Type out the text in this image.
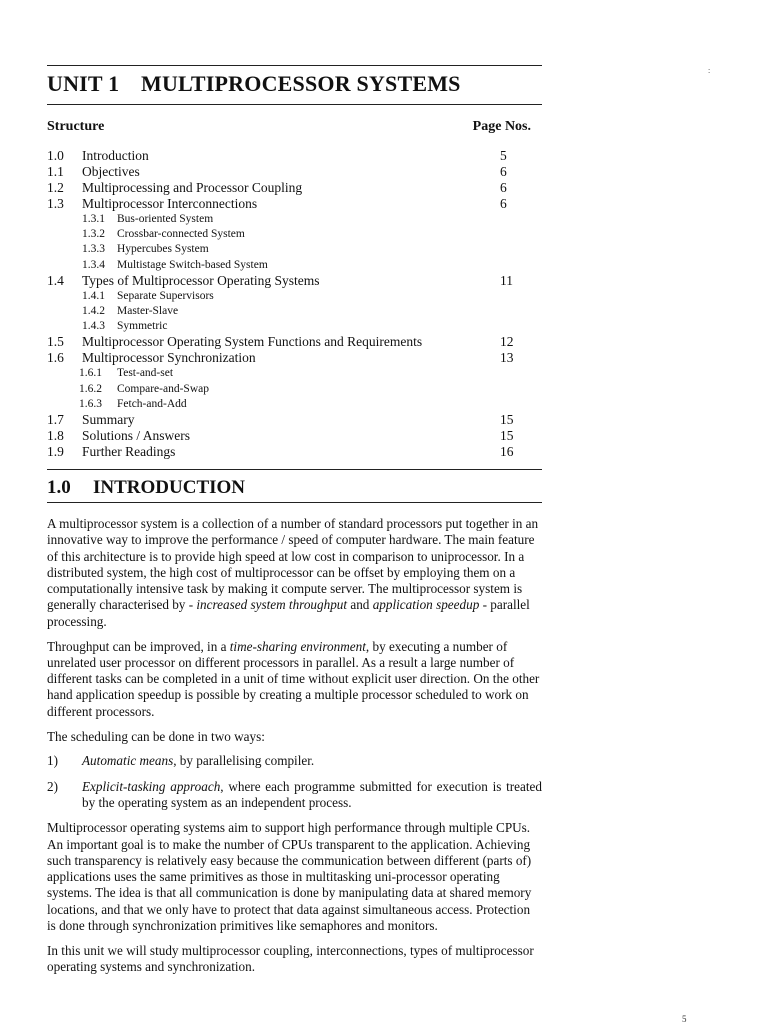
UNIT 1 MULTIPROCESSOR SYSTEMS
Structure	Page Nos.
1.0 Introduction	5
1.1 Objectives	6
1.2 Multiprocessing and Processor Coupling	6
1.3 Multiprocessor Interconnections	6
1.3.1 Bus-oriented System
1.3.2 Crossbar-connected System
1.3.3 Hypercubes System
1.3.4 Multistage Switch-based System
1.4 Types of Multiprocessor Operating Systems	11
1.4.1 Separate Supervisors
1.4.2 Master-Slave
1.4.3 Symmetric
1.5 Multiprocessor Operating System Functions and Requirements	12
1.6 Multiprocessor Synchronization	13
1.6.1 Test-and-set
1.6.2 Compare-and-Swap
1.6.3 Fetch-and-Add
1.7 Summary	15
1.8 Solutions / Answers	15
1.9 Further Readings	16
1.0 INTRODUCTION

A multiprocessor system is a collection of a number of standard processors put together in an innovative way to improve the performance / speed of computer hardware. The main feature of this architecture is to provide high speed at low cost in comparison to uniprocessor. In a distributed system, the high cost of multiprocessor can be offset by employing them on a computationally intensive task by making it compute server. The multiprocessor system is generally characterised by - increased system throughput and application speedup - parallel processing.

Throughput can be improved, in a time-sharing environment, by executing a number of unrelated user processor on different processors in parallel. As a result a large number of different tasks can be completed in a unit of time without explicit user direction. On the other hand application speedup is possible by creating a multiple processor scheduled to work on different processors.

The scheduling can be done in two ways:

1) Automatic means, by parallelising compiler.
2) Explicit-tasking approach, where each programme submitted for execution is treated by the operating system as an independent process.

Multiprocessor operating systems aim to support high performance through multiple CPUs. An important goal is to make the number of CPUs transparent to the application. Achieving such transparency is relatively easy because the communication between different (parts of) applications uses the same primitives as those in multitasking uni-processor operating systems. The idea is that all communication is done by manipulating data at shared memory locations, and that we only have to protect that data against simultaneous access. Protection is done through synchronization primitives like semaphores and monitors.

In this unit we will study multiprocessor coupling, interconnections, types of multiprocessor operating systems and synchronization.

:
5
